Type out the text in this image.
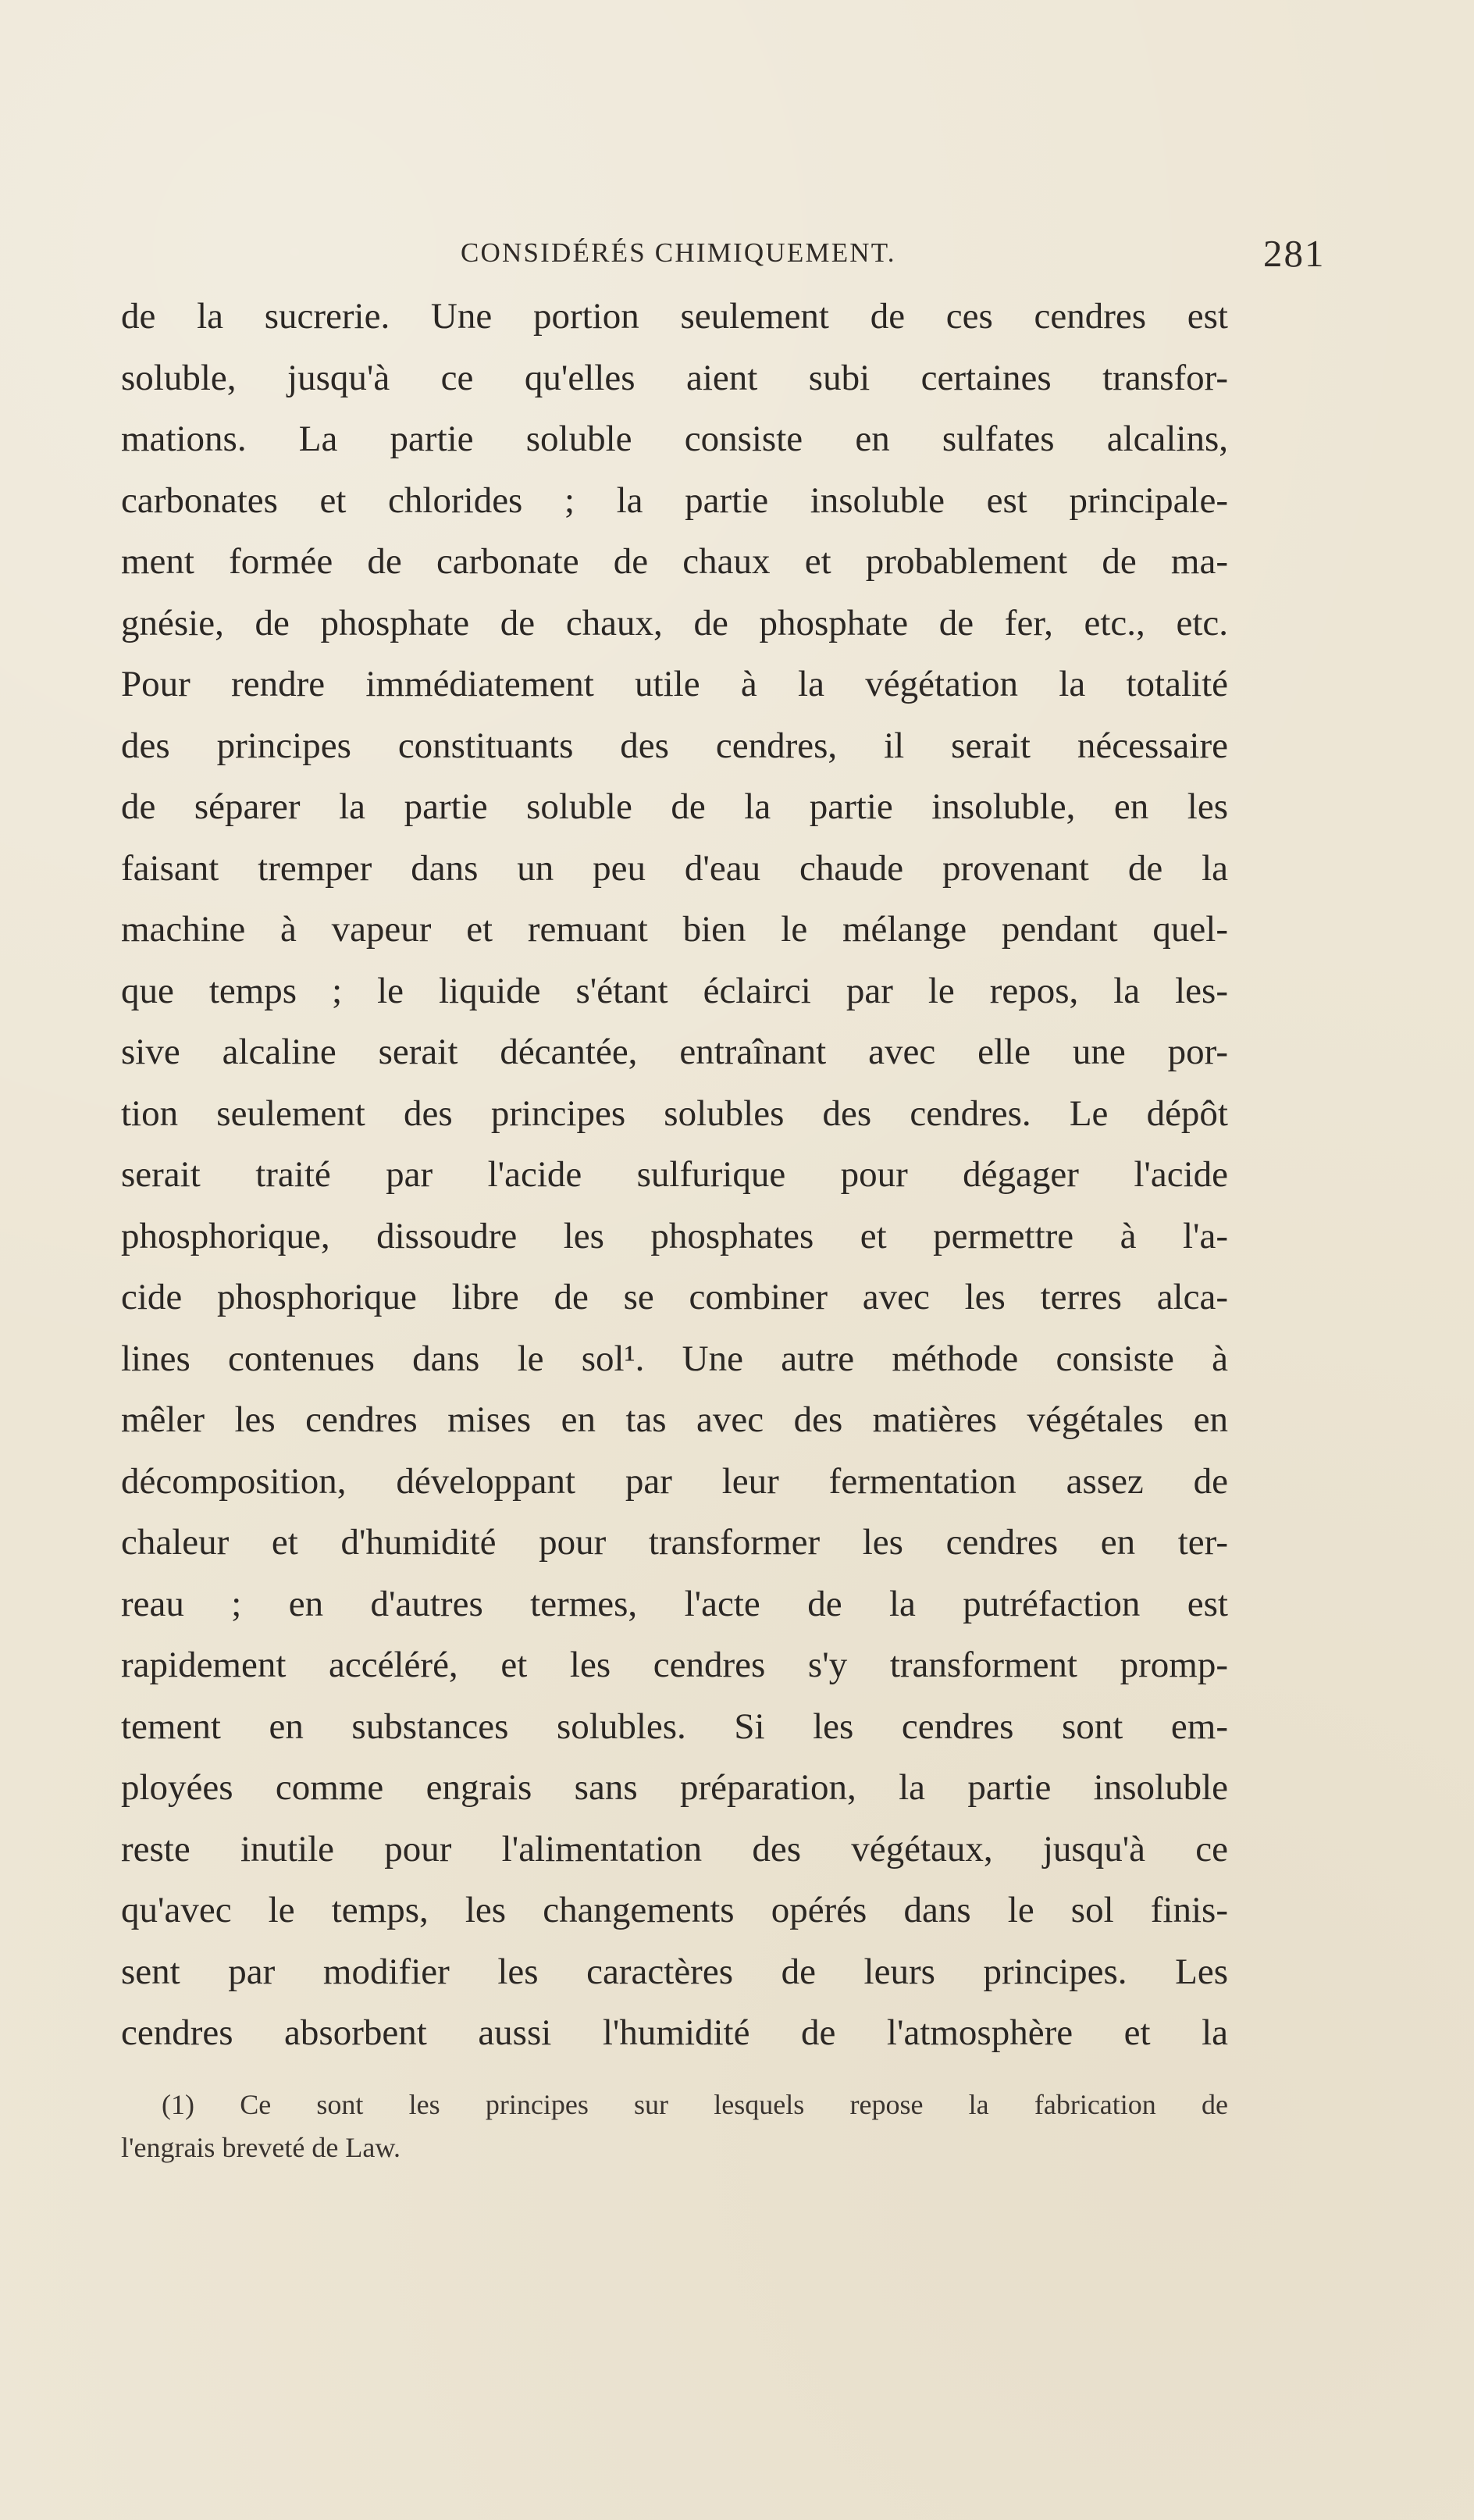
CONSIDÉRÉS CHIMIQUEMENT.	281
de la sucrerie. Une portion seulement de ces cendres est
soluble, jusqu'à ce qu'elles aient subi certaines transfor-
mations. La partie soluble consiste en sulfates alcalins,
carbonates et chlorides ; la partie insoluble est principale-
ment formée de carbonate de chaux et probablement de ma-
gnésie, de phosphate de chaux, de phosphate de fer, etc., etc.
Pour rendre immédiatement utile à la végétation la totalité
des principes constituants des cendres, il serait nécessaire
de séparer la partie soluble de la partie insoluble, en les
faisant tremper dans un peu d'eau chaude provenant de la
machine à vapeur et remuant bien le mélange pendant quel-
que temps ; le liquide s'étant éclairci par le repos, la les-
sive alcaline serait décantée, entraînant avec elle une por-
tion seulement des principes solubles des cendres. Le dépôt
serait traité par l'acide sulfurique pour dégager l'acide
phosphorique, dissoudre les phosphates et permettre à l'a-
cide phosphorique libre de se combiner avec les terres alca-
lines contenues dans le sol¹. Une autre méthode consiste à
mêler les cendres mises en tas avec des matières végétales en
décomposition, développant par leur fermentation assez de
chaleur et d'humidité pour transformer les cendres en ter-
reau ; en d'autres termes, l'acte de la putréfaction est
rapidement accéléré, et les cendres s'y transforment promp-
tement en substances solubles. Si les cendres sont em-
ployées comme engrais sans préparation, la partie insoluble
reste inutile pour l'alimentation des végétaux, jusqu'à ce
qu'avec le temps, les changements opérés dans le sol finis-
sent par modifier les caractères de leurs principes. Les
cendres absorbent aussi l'humidité de l'atmosphère et la
(1) Ce sont les principes sur lesquels repose la fabrication de
l'engrais breveté de Law.
